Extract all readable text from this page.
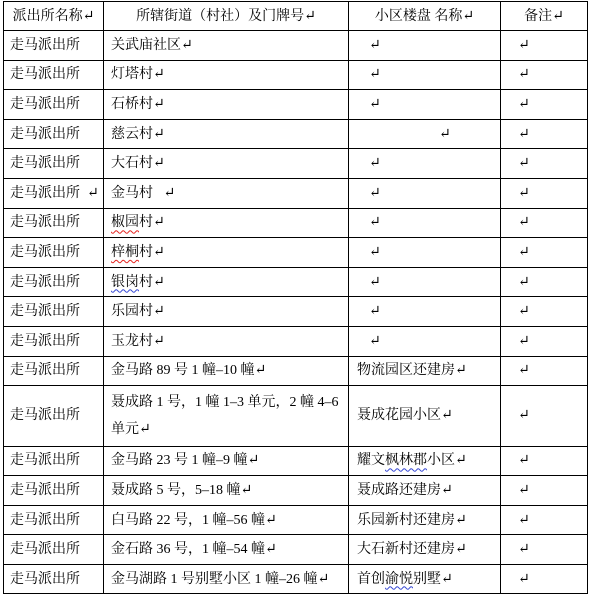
派出所名称↵	所辖街道（村社）及门牌号↵	小区楼盘 名称↵	备注↵
走马派出所	关武庙社区↵	↵	↵
走马派出所	灯塔村↵	↵	↵
走马派出所	石桥村↵	↵	↵
走马派出所	慈云村↵	↵	↵
走马派出所	大石村↵	↵	↵
走马派出所  ↵	金马村   ↵	↵	↵
走马派出所	椒园村↵	↵	↵
走马派出所	梓桐村↵	↵	↵
走马派出所	银岗村↵	↵	↵
走马派出所	乐园村↵	↵	↵
走马派出所	玉龙村↵	↵	↵
走马派出所	金马路 89 号 1 幢–10 幢↵	物流园区还建房↵	↵
走马派出所	聂成路 1 号，1 幢 1–3 单元，2 幢 4–6 单元↵	聂成花园小区↵	↵
走马派出所	金马路 23 号 1 幢–9 幢↵	耀文枫林郡小区↵	↵
走马派出所	聂成路 5 号，5–18 幢↵	聂成路还建房↵	↵
走马派出所	白马路 22 号，1 幢–56 幢↵	乐园新村还建房↵	↵
走马派出所	金石路 36 号，1 幢–54 幢↵	大石新村还建房↵	↵
走马派出所	金马湖路 1 号别墅小区 1 幢–26 幢↵	首创渝悦别墅↵	↵
